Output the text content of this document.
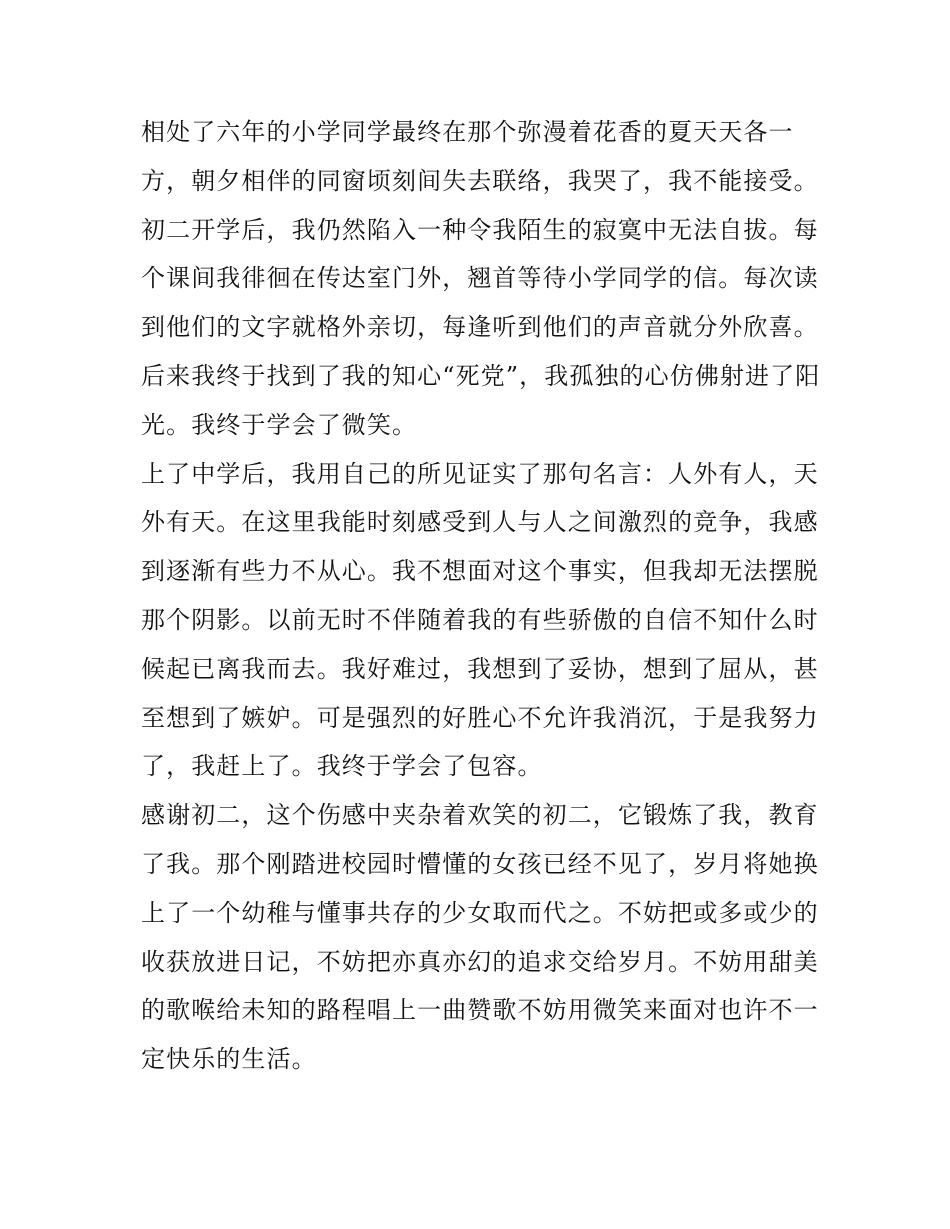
相处了六年的小学同学最终在那个弥漫着花香的夏天天各一
方，朝夕相伴的同窗顷刻间失去联络，我哭了，我不能接受。
初二开学后，我仍然陷入一种令我陌生的寂寞中无法自拔。每
个课间我徘徊在传达室门外，翘首等待小学同学的信。每次读
到他们的文字就格外亲切，每逢听到他们的声音就分外欣喜。
后来我终于找到了我的知心“死党”，我孤独的心仿佛射进了阳
光。我终于学会了微笑。
上了中学后，我用自己的所见证实了那句名言：人外有人，天
外有天。在这里我能时刻感受到人与人之间激烈的竞争，我感
到逐渐有些力不从心。我不想面对这个事实，但我却无法摆脱
那个阴影。以前无时不伴随着我的有些骄傲的自信不知什么时
候起已离我而去。我好难过，我想到了妥协，想到了屈从，甚
至想到了嫉妒。可是强烈的好胜心不允许我消沉，于是我努力
了，我赶上了。我终于学会了包容。
感谢初二，这个伤感中夹杂着欢笑的初二，它锻炼了我，教育
了我。那个刚踏进校园时懵懂的女孩已经不见了，岁月将她换
上了一个幼稚与懂事共存的少女取而代之。不妨把或多或少的
收获放进日记，不妨把亦真亦幻的追求交给岁月。不妨用甜美
的歌喉给未知的路程唱上一曲赞歌不妨用微笑来面对也许不一
定快乐的生活。
